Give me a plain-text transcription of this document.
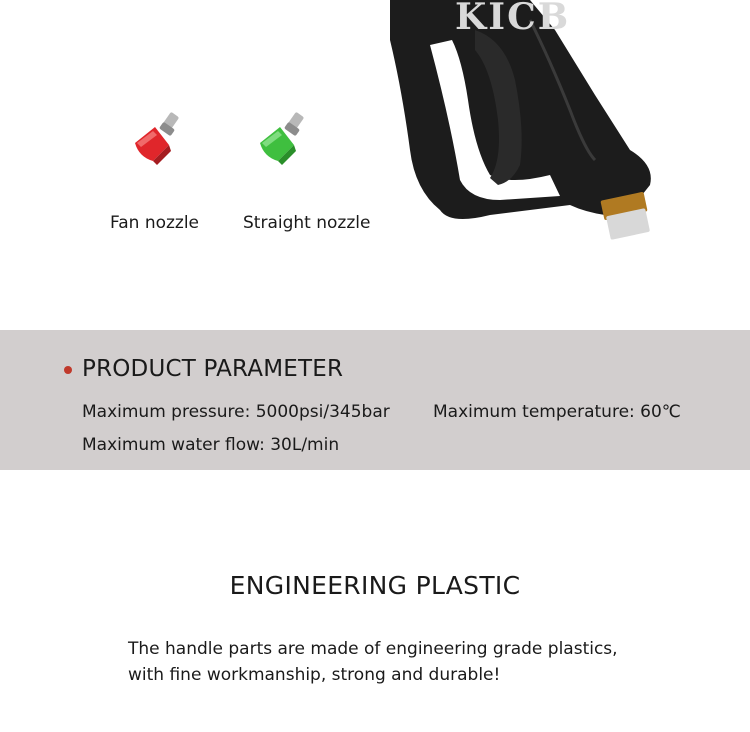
Fan nozzle	Straight nozzle
KICB
PRODUCT PARAMETER
Maximum pressure: 5000psi/345bar	Maximum temperature: 60℃
Maximum water flow: 30L/min
ENGINEERING PLASTIC
The handle parts are made of engineering grade plastics,
with fine workmanship, strong and durable!
